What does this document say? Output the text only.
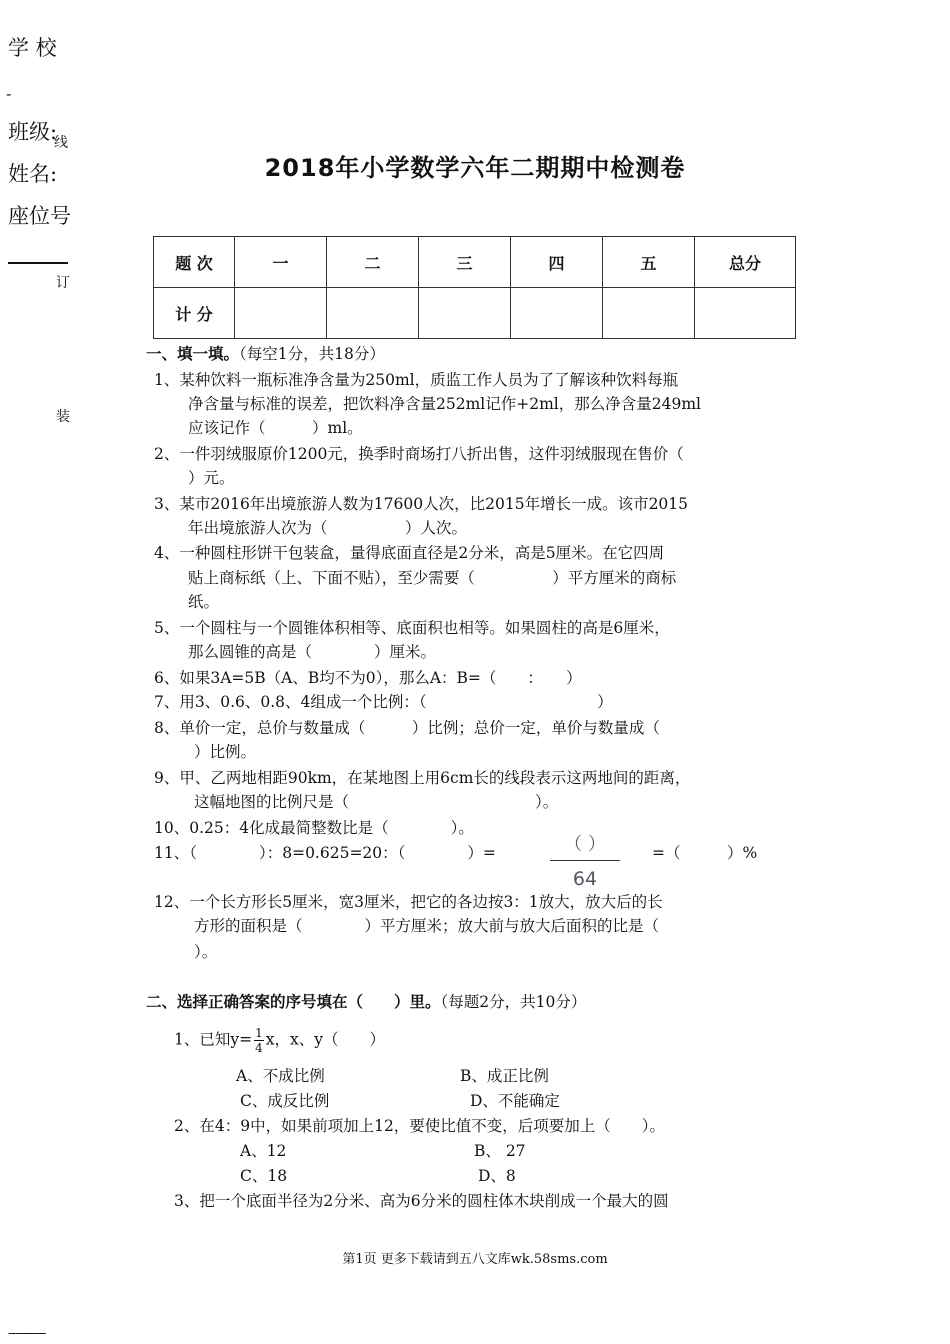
学 校
-
班级:
线
姓名:
座位号
订
装
-----------
2018年小学数学六年二期期中检测卷
题 次	一	二	三	四	五	总分
计 分						
一、填一填。（每空1分，共18分）
1、某种饮料一瓶标准净含量为250ml，质监工作人员为了了解该种饮料每瓶
净含量与标准的误差，把饮料净含量252ml记作+2ml，那么净含量249ml
应该记作（　　　）ml。
2、一件羽绒服原价1200元，换季时商场打八折出售，这件羽绒服现在售价（
）元。
3、某市2016年出境旅游人数为17600人次，比2015年增长一成。该市2015
年出境旅游人次为（　　　　　）人次。
4、一种圆柱形饼干包装盒，量得底面直径是2分米，高是5厘米。在它四周
贴上商标纸（上、下面不贴），至少需要（　　　　　）平方厘米的商标
纸。
5、一个圆柱与一个圆锥体积相等、底面积也相等。如果圆柱的高是6厘米，
那么圆锥的高是（　　　　）厘米。
6、如果3A=5B（A、B均不为0），那么A：B=（　　：　　）
7、用3、0.6、0.8、4组成一个比例：（　　　　　　　　　　　）
8、单价一定，总价与数量成（　　　）比例；总价一定，单价与数量成（
）比例。
9、甲、乙两地相距90km，在某地图上用6cm长的线段表示这两地间的距离，
这幅地图的比例尺是（　　　　　　　　　　　　）。
10、0.25：4化成最简整数比是（　　　　）。
11、（　　　　）：8=0.625=20：（　　　　）=	（ ）
64
=（　　　）%
12、一个长方形长5厘米，宽3厘米，把它的各边按3：1放大，放大后的长
方形的面积是（　　　　）平方厘米；放大前与放大后面积的比是（
）。
二、选择正确答案的序号填在（　　）里。（每题2分，共10分）
1、已知$y= \frac{1}{4}$ x，x、y（　　）
A、不成比例	B、成正比例
C、成反比例	D、不能确定
2、在4：9中，如果前项加上12，要使比值不变，后项要加上（　　）。
A、12	B、 27
C、18	D、8
3、把一个底面半径为2分米、高为6分米的圆柱体木块削成一个最大的圆
第1页 更多下载请到五八文库wk.58sms.com
